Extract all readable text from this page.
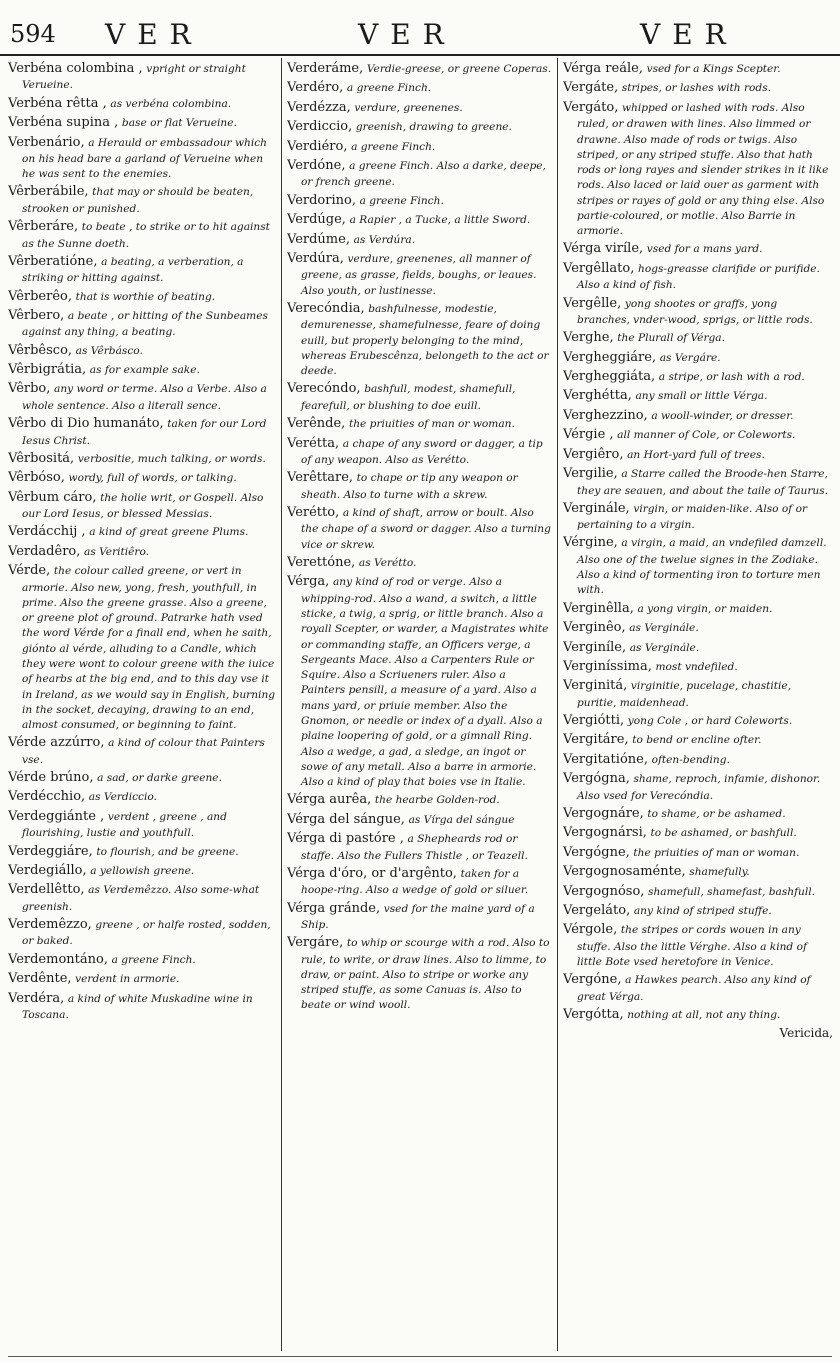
594 VER	VER	VER

Verbéna colombina , vpright or straight Verueine.

Verbéna rêtta , as verbéna colombina.

Verbéna supina , base or flat Verueine.

Verbenário, a Herauld or embassadour which on his head bare a garland of Verueine when he was sent to the enemies.

Vêrberábile, that may or should be beaten, strooken or punished.

Vêrberáre, to beate , to strike or to hit against as the Sunne doeth.

Vêrberatióne, a beating, a verberation, a striking or hitting against.

Vêrberêo, that is worthie of beating.

Vêrbero, a beate , or hitting of the Sunbeames against any thing, a beating.

Vêrbêsco, as Vêrbásco.

Vêrbigrátia, as for example sake.

Vêrbo, any word or terme. Also a Verbe. Also a whole sentence. Also a literall sence.

Vêrbo di Dio humanáto, taken for our Lord Iesus Christ.

Vêrbositá, verbositie, much talking, or words.

Vêrbóso, wordy, full of words, or talking.

Vêrbum cáro, the holie writ, or Gospell. Also our Lord Iesus, or blessed Messias.

Verdácchij , a kind of great greene Plums.

Verdadêro, as Veritiêro.

Vérde, the colour called greene, or vert in armorie. Also new, yong, fresh, youthfull, in prime. Also the greene grasse. Also a greene, or greene plot of ground. Patrarke hath vsed the word Vérde for a finall end, when he saith, giónto al vérde, alluding to a Candle, which they were wont to colour greene with the iuice of hearbs at the big end, and to this day vse it in Ireland, as we would say in English, burning in the socket, decaying, drawing to an end, almost consumed, or beginning to faint.

Vérde azzúrro, a kind of colour that Painters vse.

Vérde brúno, a sad, or darke greene.

Verdécchio, as Verdiccio.

Verdeggiánte , verdent , greene , and flourishing, lustie and youthfull.

Verdeggiáre, to flourish, and be greene.

Verdegiállo, a yellowish greene.

Verdellêtto, as Verdemêzzo. Also some-what greenish.

Verdemêzzo, greene , or halfe rosted, sodden, or baked.

Verdemontáno, a greene Finch.

Verdênte, verdent in armorie.

Verdéra, a kind of white Muskadine wine in Toscana.

Verderáme, Verdie-greese, or greene Coperas.

Verdéro, a greene Finch.

Verdézza, verdure, greenenes.

Verdiccio, greenish, drawing to greene.

Verdiéro, a greene Finch.

Verdóne, a greene Finch. Also a darke, deepe, or french greene.

Verdorino, a greene Finch.

Verdúge, a Rapier , a Tucke, a little Sword.

Verdúme, as Verdúra.

Verdúra, verdure, greenenes, all manner of greene, as grasse, fields, boughs, or leaues. Also youth, or lustinesse.

Verecóndia, bashfulnesse, modestie, demurenesse, shamefulnesse, feare of doing euill, but properly belonging to the mind, whereas Erubescênza, belongeth to the act or deede.

Verecóndo, bashfull, modest, shamefull, fearefull, or blushing to doe euill.

Verênde, the priuities of man or woman.

Verétta, a chape of any sword or dagger, a tip of any weapon. Also as Verétto.

Verêttare, to chape or tip any weapon or sheath. Also to turne with a skrew.

Verétto, a kind of shaft, arrow or boult. Also the chape of a sword or dagger. Also a turning vice or skrew.

Verettóne, as Verétto.

Vérga, any kind of rod or verge. Also a whipping-rod. Also a wand, a switch, a little sticke, a twig, a sprig, or little branch. Also a royall Scepter, or warder, a Magistrates white or commanding staffe, an Officers verge, a Sergeants Mace. Also a Carpenters Rule or Squire. Also a Scriueners ruler. Also a Painters pensill, a measure of a yard. Also a mans yard, or priuie member. Also the Gnomon, or needle or index of a dyall. Also a plaine loopering of gold, or a gimnall Ring. Also a wedge, a gad, a sledge, an ingot or sowe of any metall. Also a barre in armorie. Also a kind of play that boies vse in Italie.

Vérga aurêa, the hearbe Golden-rod.

Vérga del sángue, as Vírga del sángue

Vérga di pastóre , a Shepheards rod or staffe. Also the Fullers Thistle , or Teazell.

Vérga d'óro, or d'argênto, taken for a hoope-ring. Also a wedge of gold or siluer.

Vérga gránde, vsed for the maine yard of a Ship.

Vergáre, to whip or scourge with a rod. Also to rule, to write, or draw lines. Also to limme, to draw, or paint. Also to stripe or worke any striped stuffe, as some Canuas is. Also to beate or wind wooll.

Vérga reále, vsed for a Kings Scepter.

Vergáte, stripes, or lashes with rods.

Vergáto, whipped or lashed with rods. Also ruled, or drawen with lines. Also limmed or drawne. Also made of rods or twigs. Also striped, or any striped stuffe. Also that hath rods or long rayes and slender strikes in it like rods. Also laced or laid ouer as garment with stripes or rayes of gold or any thing else. Also partie-coloured, or motlie. Also Barrie in armorie.

Vérga viríle, vsed for a mans yard.

Vergêllato, hogs-greasse clarifide or purifide. Also a kind of fish.

Vergêlle, yong shootes or graffs, yong branches, vnder-wood, sprigs, or little rods.

Verghe, the Plurall of Vérga.

Vergheggiáre, as Vergáre.

Vergheggiáta, a stripe, or lash with a rod.

Verghétta, any small or little Vérga.

Verghezzino, a wooll-winder, or dresser.

Vérgie , all manner of Cole, or Coleworts.

Vergiêro, an Hort-yard full of trees.

Vergilie, a Starre called the Broode-hen Starre, they are seauen, and about the taile of Taurus.

Verginále, virgin, or maiden-like. Also of or pertaining to a virgin.

Vérgine, a virgin, a maid, an vndefiled damzell. Also one of the twelue signes in the Zodiake. Also a kind of tormenting iron to torture men with.

Verginêlla, a yong virgin, or maiden.

Verginêo, as Verginále.

Verginíle, as Verginále.

Verginíssima, most vndefiled.

Verginitá, virginitie, pucelage, chastitie, puritie, maidenhead.

Vergiótti, yong Cole , or hard Coleworts.

Vergitáre, to bend or encline ofter.

Vergitatióne, often-bending.

Vergógna, shame, reproch, infamie, dishonor. Also vsed for Verecóndia.

Vergognáre, to shame, or be ashamed.

Vergognársi, to be ashamed, or bashfull.

Vergógne, the priuities of man or woman.

Vergognosaménte, shamefully.

Vergognóso, shamefull, shamefast, bashfull.

Vergeláto, any kind of striped stuffe.

Vérgole, the stripes or cords wouen in any stuffe. Also the little Vérghe. Also a kind of little Bote vsed heretofore in Venice.

Vergóne, a Hawkes pearch. Also any kind of great Vérga.

Vergótta, nothing at all, not any thing.

Vericida,
